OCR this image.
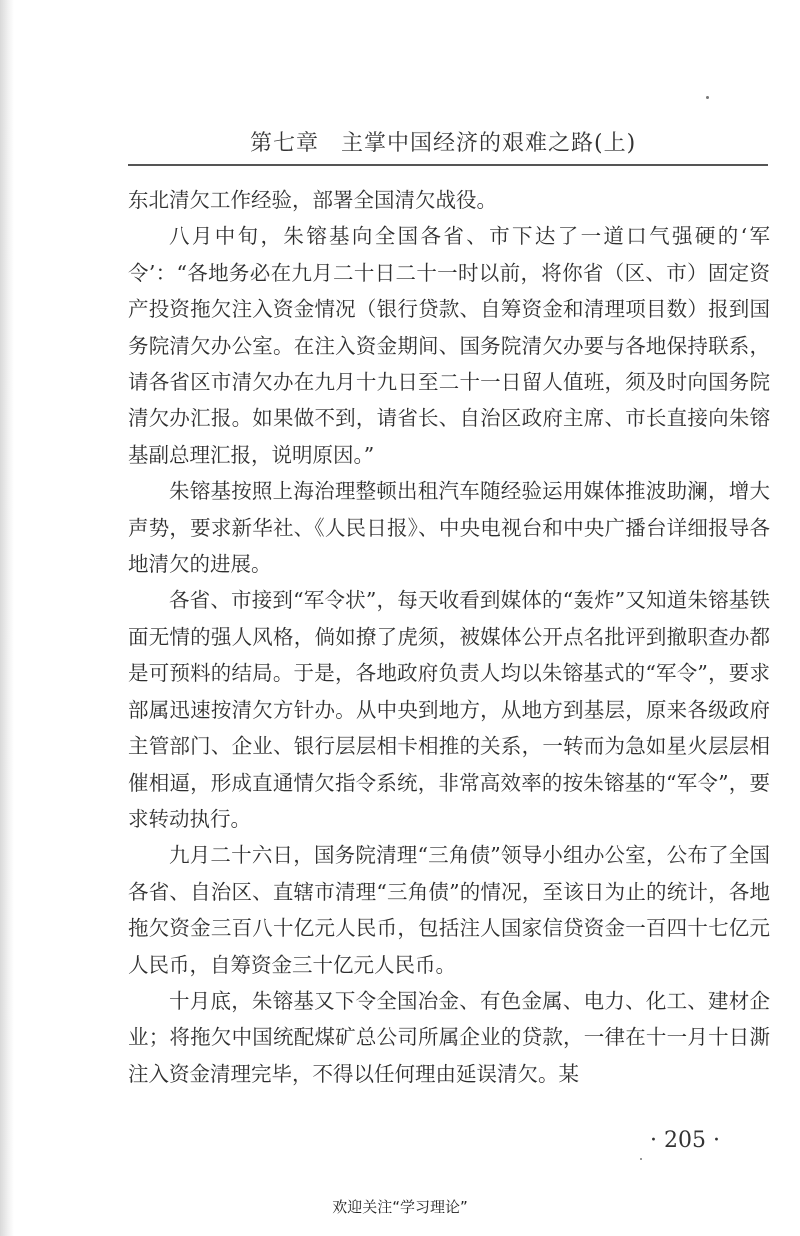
第七章 主掌中国经济的艰难之路(上)

东北清欠工作经验，部署全国清欠战役。

八月中旬，朱镕基向全国各省、市下达了一道口气强硬的‘军令’：“各地务必在九月二十日二十一时以前，将你省（区、市）固定资产投资拖欠注入资金情况（银行贷款、自筹资金和清理项目数）报到国务院清欠办公室。在注入资金期间、国务院清欠办要与各地保持联系，请各省区市清欠办在九月十九日至二十一日留人值班，须及时向国务院清欠办汇报。如果做不到，请省长、自治区政府主席、市长直接向朱镕基副总理汇报，说明原因。”

朱镕基按照上海治理整顿出租汽车随经验运用媒体推波助澜，增大声势，要求新华社、《人民日报》、中央电视台和中央广播台详细报导各地清欠的进展。

各省、市接到“军令状”，每天收看到媒体的“轰炸”又知道朱镕基铁面无情的强人风格，倘如撩了虎须，被媒体公开点名批评到撤职查办都是可预料的结局。于是，各地政府负责人均以朱镕基式的“军令”，要求部属迅速按清欠方针办。从中央到地方，从地方到基层，原来各级政府主管部门、企业、银行层层相卡相推的关系，一转而为急如星火层层相催相逼，形成直通情欠指令系统，非常高效率的按朱镕基的“军令”，要求转动执行。

九月二十六日，国务院清理“三角债”领导小组办公室，公布了全国各省、自治区、直辖市清理“三角债”的情况，至该日为止的统计，各地拖欠资金三百八十亿元人民币，包括注人国家信贷资金一百四十七亿元人民币，自筹资金三十亿元人民币。

十月底，朱镕基又下令全国冶金、有色金属、电力、化工、建材企业；将拖欠中国统配煤矿总公司所属企业的贷款，一律在十一月十日澌注入资金清理完毕，不得以任何理由延误清欠。某

· 205 ·
欢迎关注“学习理论”
